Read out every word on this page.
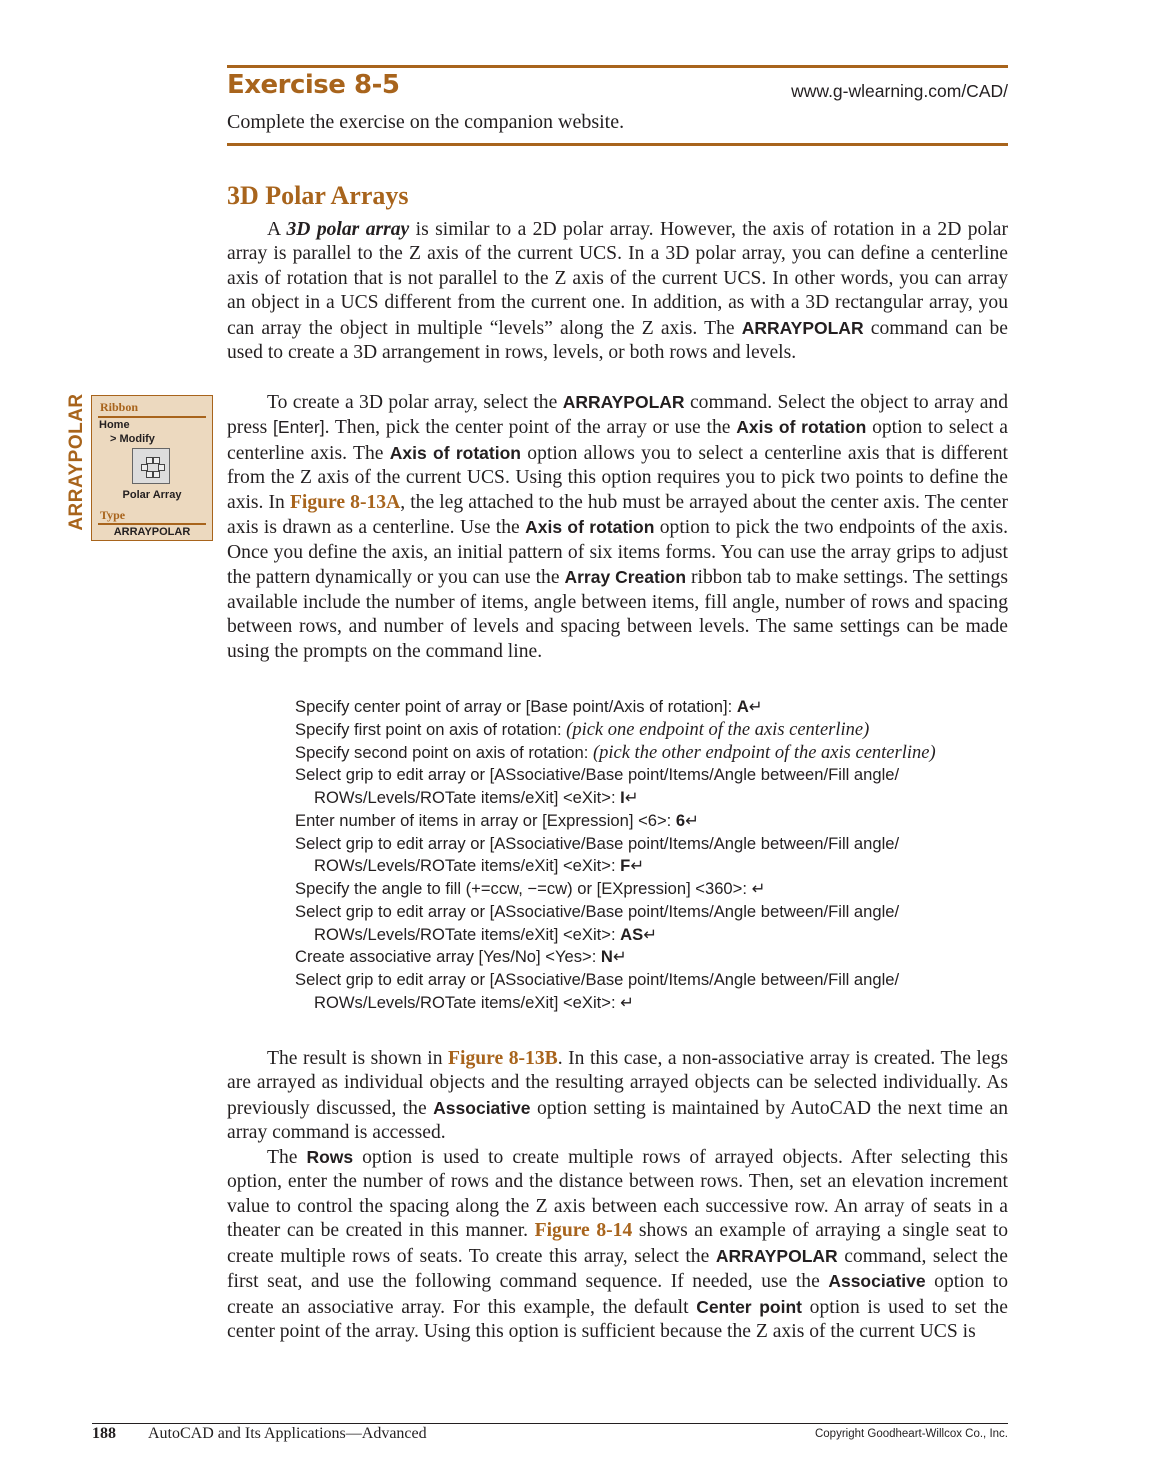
Exercise 8-5	www.g-wlearning.com/CAD/
Complete the exercise on the companion website.
3D Polar Arrays
ARRAYPOLAR Ribbon
Home
> Modify
Polar Array
Type
ARRAYPOLAR
A 3D polar array is similar to a 2D polar array. However, the axis of rotation in a 2D polar array is parallel to the Z axis of the current UCS. In a 3D polar array, you can define a centerline axis of rotation that is not parallel to the Z axis of the current UCS. In other words, you can array an object in a UCS different from the current one. In addition, as with a 3D rectangular array, you can array the object in multiple “levels” along the Z axis. The ARRAYPOLAR command can be used to create a 3D arrangement in rows, levels, or both rows and levels.
To create a 3D polar array, select the ARRAYPOLAR command. Select the object to array and press [Enter]. Then, pick the center point of the array or use the Axis of rotation option to select a centerline axis. The Axis of rotation option allows you to select a centerline axis that is different from the Z axis of the current UCS. Using this option requires you to pick two points to define the axis. In Figure 8-13A, the leg attached to the hub must be arrayed about the center axis. The center axis is drawn as a centerline. Use the Axis of rotation option to pick the two endpoints of the axis. Once you define the axis, an initial pattern of six items forms. You can use the array grips to adjust the pattern dynamically or you can use the Array Creation ribbon tab to make settings. The settings available include the number of items, angle between items, fill angle, number of rows and spacing between rows, and number of levels and spacing between levels. The same settings can be made using the prompts on the command line.
Specify center point of array or [Base point/Axis of rotation]: A↵
Specify first point on axis of rotation: (pick one endpoint of the axis centerline)
Specify second point on axis of rotation: (pick the other endpoint of the axis centerline)
Select grip to edit array or [ASsociative/Base point/Items/Angle between/Fill angle/ ROWs/Levels/ROTate items/eXit] <eXit>: I↵
Enter number of items in array or [Expression] <6>: 6↵
Select grip to edit array or [ASsociative/Base point/Items/Angle between/Fill angle/ ROWs/Levels/ROTate items/eXit] <eXit>: F↵
Specify the angle to fill (+=ccw, −=cw) or [EXpression] <360>: ↵
Select grip to edit array or [ASsociative/Base point/Items/Angle between/Fill angle/ ROWs/Levels/ROTate items/eXit] <eXit>: AS↵
Create associative array [Yes/No] <Yes>: N↵
Select grip to edit array or [ASsociative/Base point/Items/Angle between/Fill angle/ ROWs/Levels/ROTate items/eXit] <eXit>: ↵
The result is shown in Figure 8-13B. In this case, a non-associative array is created. The legs are arrayed as individual objects and the resulting arrayed objects can be selected individually. As previously discussed, the Associative option setting is maintained by AutoCAD the next time an array command is accessed.
The Rows option is used to create multiple rows of arrayed objects. After selecting this option, enter the number of rows and the distance between rows. Then, set an elevation increment value to control the spacing along the Z axis between each successive row. An array of seats in a theater can be created in this manner. Figure 8-14 shows an example of arraying a single seat to create multiple rows of seats. To create this array, select the ARRAYPOLAR command, select the first seat, and use the following command sequence. If needed, use the Associative option to create an associative array. For this example, the default Center point option is used to set the center point of the array. Using this option is sufficient because the Z axis of the current UCS is
188 AutoCAD and Its Applications—Advanced	Copyright Goodheart-Willcox Co., Inc.
